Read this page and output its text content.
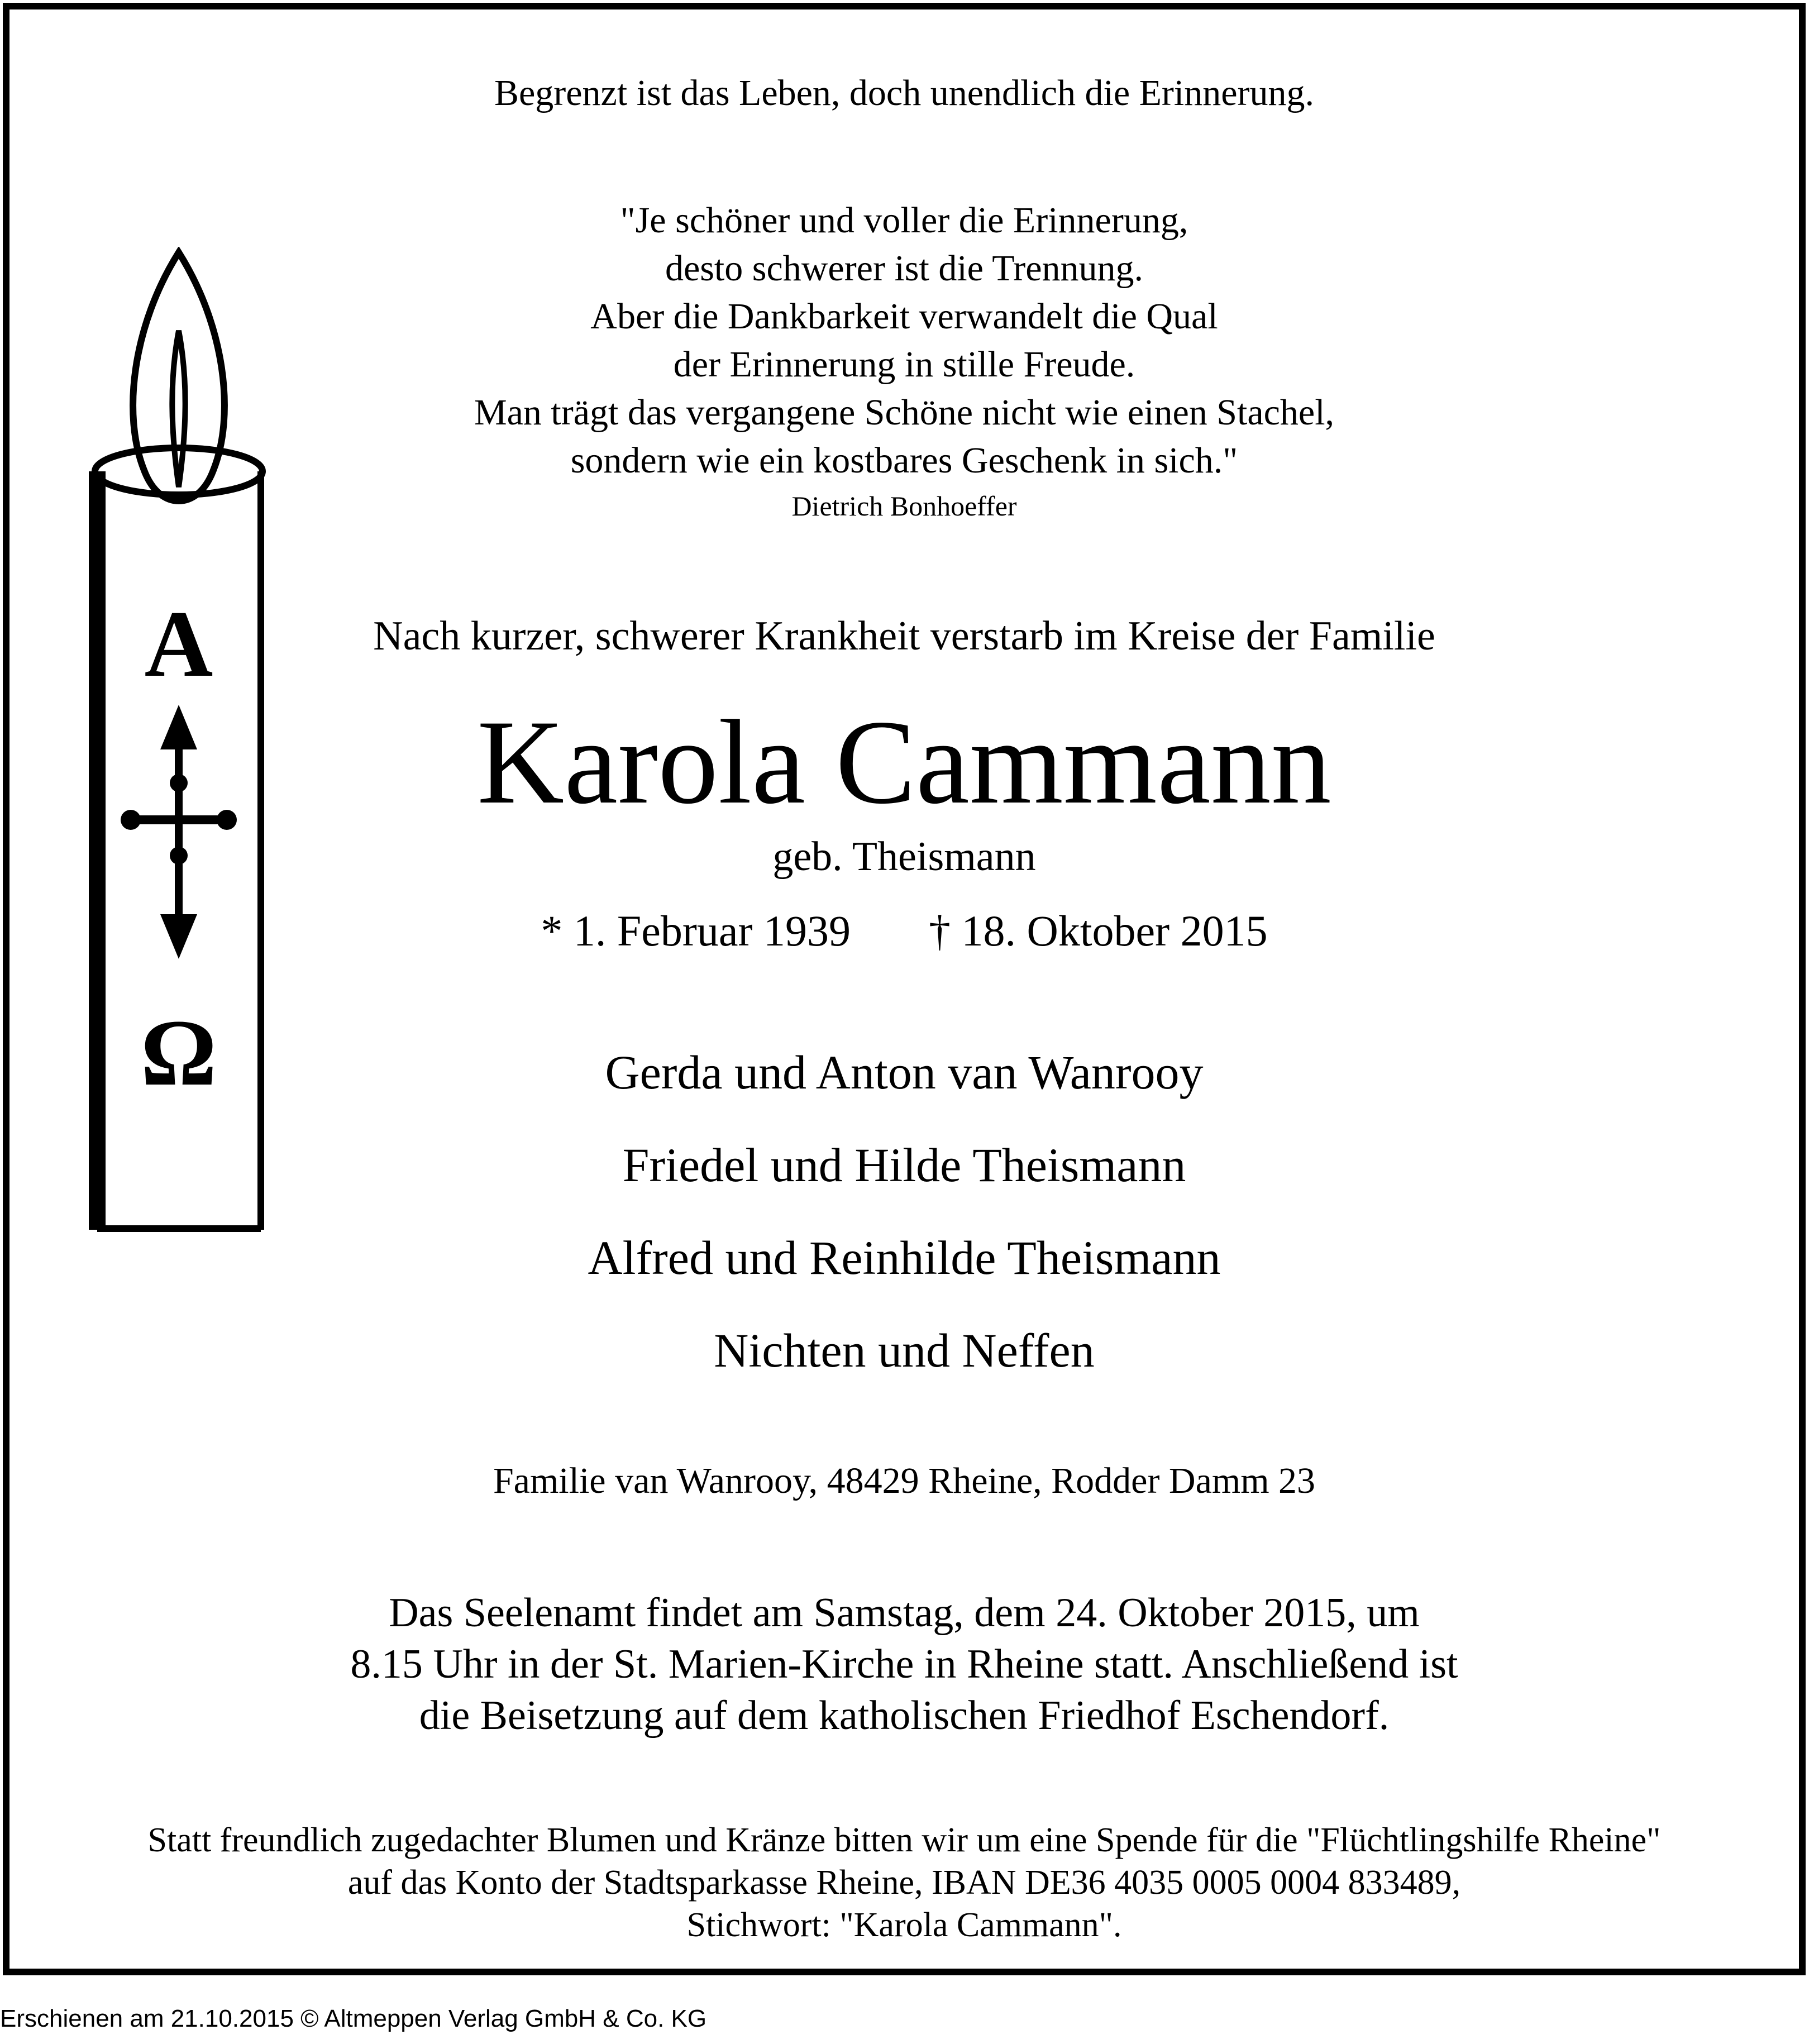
A
Ω
Begrenzt ist das Leben, doch unendlich die Erinnerung.
"Je schöner und voller die Erinnerung,
desto schwerer ist die Trennung.
Aber die Dankbarkeit verwandelt die Qual
der Erinnerung in stille Freude.
Man trägt das vergangene Schöne nicht wie einen Stachel,
sondern wie ein kostbares Geschenk in sich."
Dietrich Bonhoeffer
Nach kurzer, schwerer Krankheit verstarb im Kreise der Familie
Karola Cammann
geb. Theismann
* 1. Februar 1939 † 18. Oktober 2015
Gerda und Anton van Wanrooy
Friedel und Hilde Theismann
Alfred und Reinhilde Theismann
Nichten und Neffen
Familie van Wanrooy, 48429 Rheine, Rodder Damm 23
Das Seelenamt findet am Samstag, dem 24. Oktober 2015, um
8.15 Uhr in der St. Marien-Kirche in Rheine statt. Anschließend ist
die Beisetzung auf dem katholischen Friedhof Eschendorf.
Statt freundlich zugedachter Blumen und Kränze bitten wir um eine Spende für die "Flüchtlingshilfe Rheine"
auf das Konto der Stadtsparkasse Rheine, IBAN DE36 4035 0005 0004 833489,
Stichwort: "Karola Cammann".
Erschienen am 21.10.2015 © Altmeppen Verlag GmbH & Co. KG
